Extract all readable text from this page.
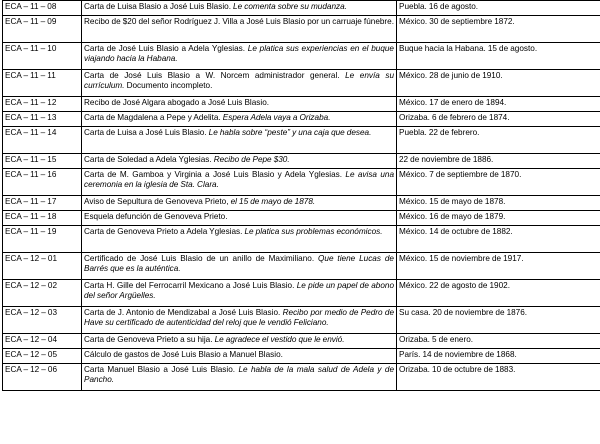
ECA – 11 – 08	Carta de Luisa Blasio a José Luis Blasio. Le comenta sobre su mudanza.	Puebla. 16 de agosto.
ECA – 11 – 09	Recibo de $20 del señor Rodríguez J. Villa a José Luis Blasio por un carruaje fúnebre.	México. 30 de septiembre 1872.
ECA – 11 – 10	Carta de José Luis Blasio a Adela Yglesias. Le platica sus experiencias en el buque viajando hacia la Habana.	Buque hacia la Habana. 15 de agosto.
ECA – 11 – 11	Carta de José Luis Blasio a W. Norcem administrador general. Le envía su currículum. Documento incompleto.	México. 28 de junio de 1910.
ECA – 11 – 12	Recibo de José Algara abogado a José Luis Blasio.	México. 17 de enero de 1894.
ECA – 11 – 13	Carta de Magdalena a Pepe y Adelita. Espera Adela vaya a Orizaba.	Orizaba. 6 de febrero de 1874.
ECA – 11 – 14	Carta de Luisa a José Luis Blasio. Le habla sobre “peste” y una caja que desea.	Puebla. 22 de febrero.
ECA – 11 – 15	Carta de Soledad a Adela Yglesias. Recibo de Pepe $30.	22 de noviembre de 1886.
ECA – 11 – 16	Carta de M. Gamboa y Virginia a José Luis Blasio y Adela Yglesias. Le avisa una ceremonia en la iglesia de Sta. Clara.	México. 7 de septiembre de 1870.
ECA – 11 – 17	Aviso de Sepultura de Genoveva Prieto, el 15 de mayo de 1878.	México. 15 de mayo de 1878.
ECA – 11 – 18	Esquela defunción de Genoveva Prieto.	México. 16 de mayo de 1879.
ECA – 11 – 19	Carta de Genoveva Prieto a Adela Yglesias. Le platica sus problemas económicos.	México. 14 de octubre de 1882.
ECA – 12 – 01	Certificado de José Luis Blasio de un anillo de Maximiliano. Que tiene Lucas de Barrés que es la auténtica.	México. 15 de noviembre de 1917.
ECA – 12 – 02	Carta H. Gille del Ferrocarril Mexicano a José Luis Blasio. Le pide un papel de abono del señor Argüelles.	México. 22 de agosto de 1902.
ECA – 12 – 03	Carta de J. Antonio de Mendizabal a José Luis Blasio. Recibo por medio de Pedro de Have su certificado de autenticidad del reloj que le vendió Feliciano.	Su casa. 20 de noviembre de 1876.
ECA – 12 – 04	Carta de Genoveva Prieto a su hija. Le agradece el vestido que le envió.	Orizaba. 5 de enero.
ECA – 12 – 05	Cálculo de gastos de José Luis Blasio a Manuel Blasio.	París. 14 de noviembre de 1868.
ECA – 12 – 06	Carta Manuel Blasio a José Luis Blasio. Le habla de la mala salud de Adela y de Pancho.	Orizaba. 10 de octubre de 1883.
